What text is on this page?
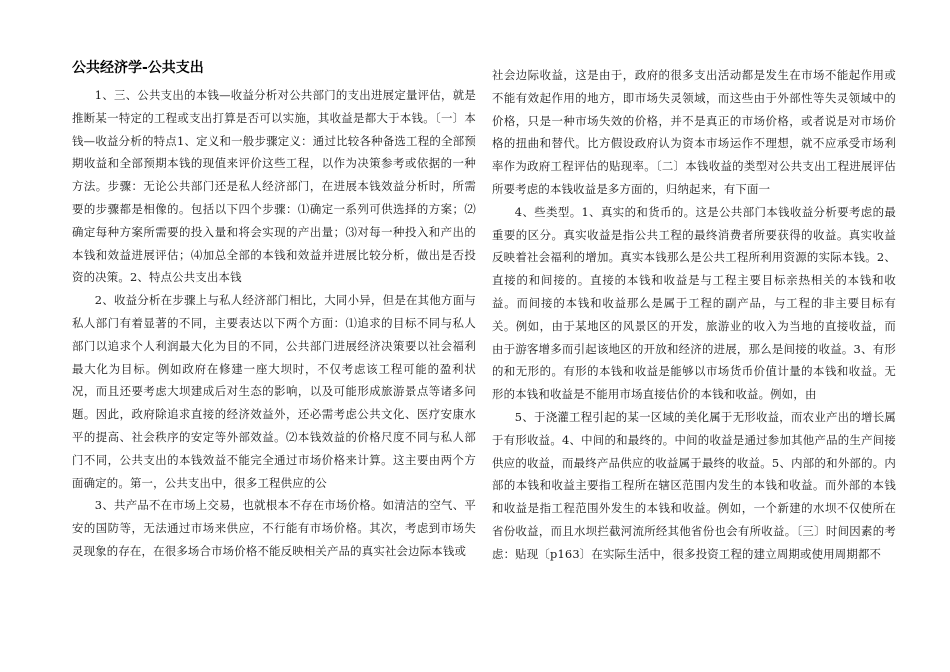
公共经济学-公共支出

1、三、公共支出的本钱—收益分析对公共部门的支出进展定量评估，就是推断某一特定的工程或支出打算是否可以实施，其收益是都大于本钱。〔一〕本钱—收益分析的特点1、定义和一般步骤定义：通过比较各种备选工程的全部预期收益和全部预期本钱的现值来评价这些工程，以作为决策参考或依据的一种方法。步骤：无论公共部门还是私人经济部门，在进展本钱效益分析时，所需要的步骤都是相像的。包括以下四个步骤：⑴确定一系列可供选择的方案；⑵确定每种方案所需要的投入量和将会实现的产出量；⑶对每一种投入和产出的本钱和效益进展评估；⑷加总全部的本钱和效益并进展比较分析，做出是否投资的决策。2、特点公共支出本钱

2、收益分析在步骤上与私人经济部门相比，大同小异，但是在其他方面与私人部门有着显著的不同，主要表达以下两个方面：⑴追求的目标不同与私人部门以追求个人利润最大化为目的不同，公共部门进展经济决策要以社会福利最大化为目标。例如政府在修建一座大坝时，不仅考虑该工程可能的盈利状况，而且还要考虑大坝建成后对生态的影响，以及可能形成旅游景点等诸多问题。因此，政府除追求直接的经济效益外，还必需考虑公共文化、医疗安康水平的提高、社会秩序的安定等外部效益。⑵本钱效益的价格尺度不同与私人部门不同，公共支出的本钱效益不能完全通过市场价格来计算。这主要由两个方面确定的。第一，公共支出中，很多工程供应的公

3、共产品不在市场上交易，也就根本不存在市场价格。如清洁的空气、平安的国防等，无法通过市场来供应，不行能有市场价格。其次，考虑到市场失灵现象的存在，在很多场合市场价格不能反映相关产品的真实社会边际本钱或

社会边际收益，这是由于，政府的很多支出活动都是发生在市场不能起作用或不能有效起作用的地方，即市场失灵领域，而这些由于外部性等失灵领域中的价格，只是一种市场失效的价格，并不是真正的市场价格，或者说是对市场价格的扭曲和替代。比方假设政府认为资本市场运作不理想，就不应承受市场利率作为政府工程评估的贴现率。〔二〕本钱收益的类型对公共支出工程进展评估所要考虑的本钱收益是多方面的，归纳起来，有下面一

4、些类型。1、真实的和货币的。这是公共部门本钱收益分析要考虑的最重要的区分。真实收益是指公共工程的最终消费者所要获得的收益。真实收益反映着社会福利的增加。真实本钱那么是公共工程所利用资源的实际本钱。2、直接的和间接的。直接的本钱和收益是与工程主要目标亲热相关的本钱和收益。而间接的本钱和收益那么是属于工程的副产品，与工程的非主要目标有关。例如，由于某地区的风景区的开发，旅游业的收入为当地的直接收益，而由于游客增多而引起该地区的开放和经济的进展，那么是间接的收益。3、有形的和无形的。有形的本钱和收益是能够以市场货币价值计量的本钱和收益。无形的本钱和收益是不能用市场直接估价的本钱和收益。例如，由

5、于浇灌工程引起的某一区域的美化属于无形收益，而农业产出的增长属于有形收益。4、中间的和最终的。中间的收益是通过参加其他产品的生产间接供应的收益，而最终产品供应的收益属于最终的收益。5、内部的和外部的。内部的本钱和收益主要指工程所在辖区范围内发生的本钱和收益。而外部的本钱和收益是指工程范围外发生的本钱和收益。例如，一个新建的水坝不仅使所在省份收益，而且水坝拦截河流所经其他省份也会有所收益。〔三〕时间因素的考虑：贴现〔p163〕在实际生活中，很多投资工程的建立周期或使用周期都不
